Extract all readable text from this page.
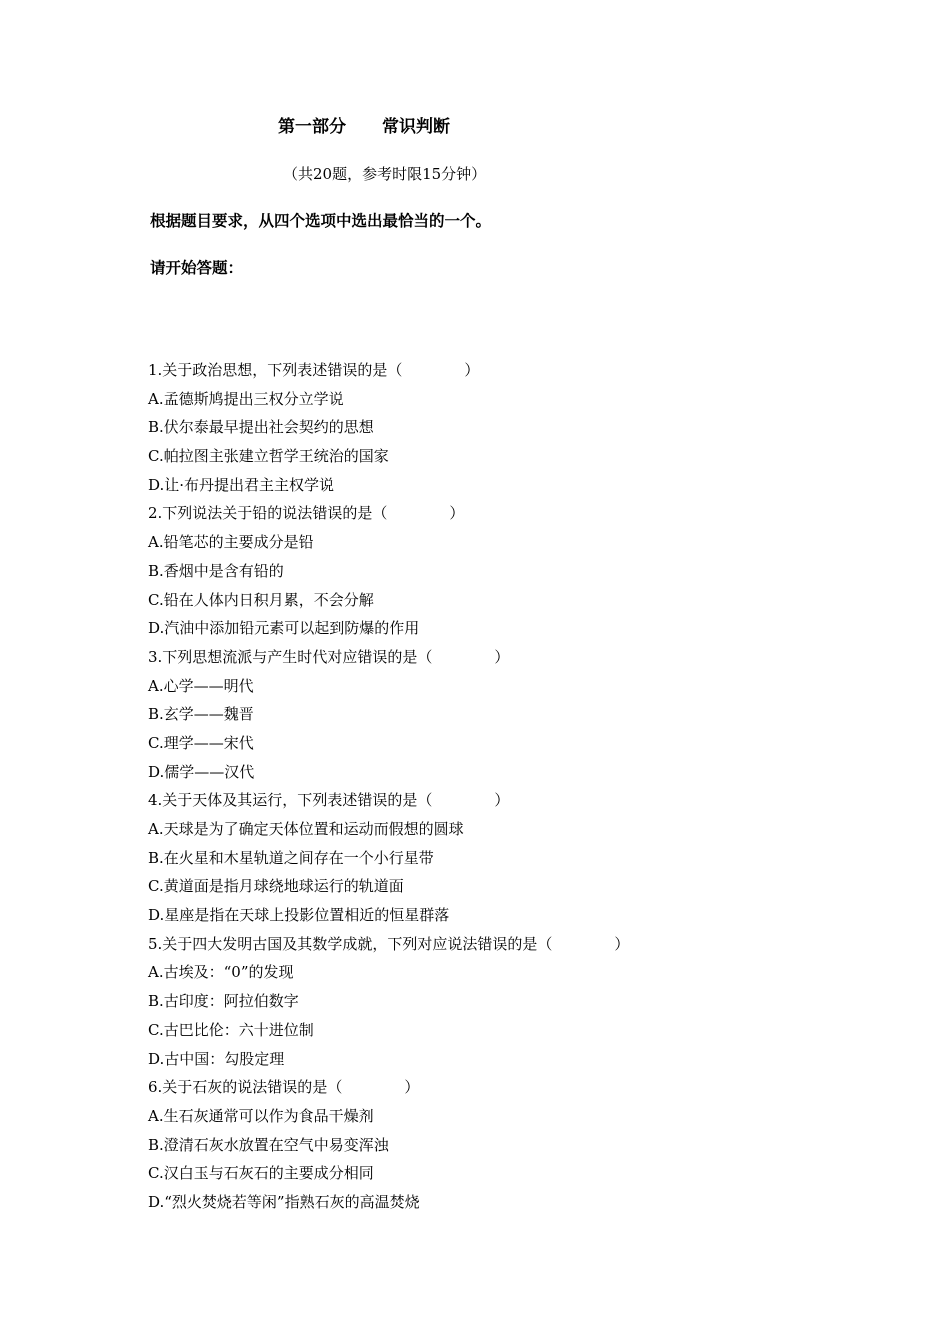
第一部分 常识判断
（共20题，参考时限15分钟）
根据题目要求，从四个选项中选出最恰当的一个。
请开始答题：
1.关于政治思想，下列表述错误的是（	）
A.孟德斯鸠提出三权分立学说
B.伏尔泰最早提出社会契约的思想
C.帕拉图主张建立哲学王统治的国家
D.让·布丹提出君主主权学说
2.下列说法关于铅的说法错误的是（	）
A.铅笔芯的主要成分是铅
B.香烟中是含有铅的
C.铅在人体内日积月累，不会分解
D.汽油中添加铅元素可以起到防爆的作用
3.下列思想流派与产生时代对应错误的是（	）
A.心学——明代
B.玄学——魏晋
C.理学——宋代
D.儒学——汉代
4.关于天体及其运行，下列表述错误的是（	）
A.天球是为了确定天体位置和运动而假想的圆球
B.在火星和木星轨道之间存在一个小行星带
C.黄道面是指月球绕地球运行的轨道面
D.星座是指在天球上投影位置相近的恒星群落
5.关于四大发明古国及其数学成就，下列对应说法错误的是（	）
A.古埃及：“0”的发现
B.古印度：阿拉伯数字
C.古巴比伦：六十进位制
D.古中国：勾股定理
6.关于石灰的说法错误的是（	）
A.生石灰通常可以作为食品干燥剂
B.澄清石灰水放置在空气中易变浑浊
C.汉白玉与石灰石的主要成分相同
D.“烈火焚烧若等闲”指熟石灰的高温焚烧
